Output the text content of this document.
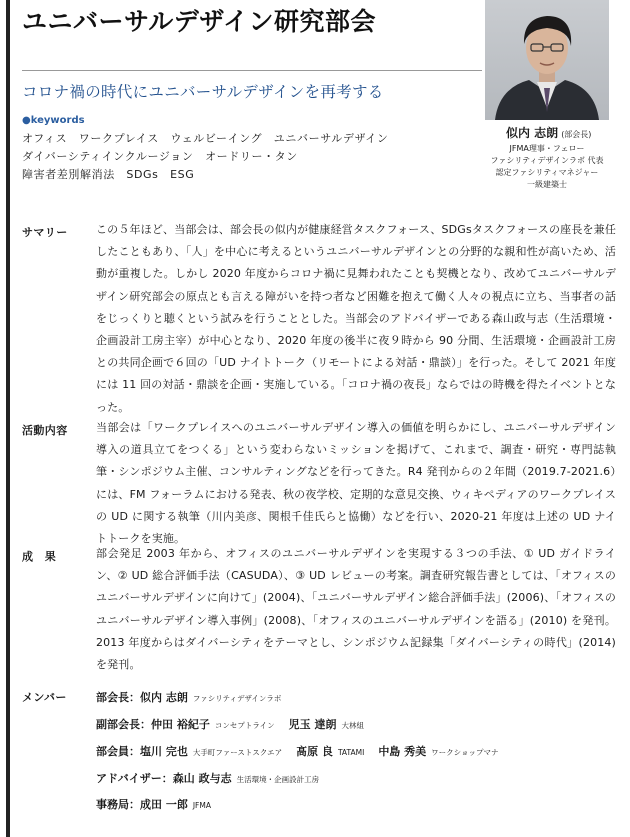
ユニバーサルデザイン研究部会
コロナ禍の時代にユニバーサルデザインを再考する
●keywords
オフィス　ワークプレイス　ウェルビーイング　ユニバーサルデザイン
ダイバーシティインクルージョン　オードリー・タン
障害者差別解消法　SDGs　ESG
似内 志朗 (部会長)
JFMA理事・フェロー
ファシリティデザインラボ 代表
認定ファシリティマネジャー
一級建築士
サマリー	この５年ほど、当部会は、部会長の似内が健康経営タスクフォース、SDGsタスクフォースの座長を兼任したこともあり、「人」を中心に考えるというユニバーサルデザインとの分野的な親和性が高いため、活動が重複した。しかし 2020 年度からコロナ禍に見舞われたことも契機となり、改めてユニバーサルデザイン研究部会の原点とも言える障がいを持つ者など困難を抱えて働く人々の視点に立ち、当事者の話をじっくりと聴くという試みを行うこととした。当部会のアドバイザーである森山政与志（生活環境・企画設計工房主宰）が中心となり、2020 年度の後半に夜９時から 90 分間、生活環境・企画設計工房との共同企画で６回の「UD ナイトトーク（リモートによる対話・鼎談）」を行った。そして 2021 年度には 11 回の対話・鼎談を企画・実施している。「コロナ禍の夜長」ならではの時機を得たイベントとなった。
活動内容	当部会は「ワークプレイスへのユニバーサルデザイン導入の価値を明らかにし、ユニバーサルデザイン導入の道具立てをつくる」という変わらないミッションを掲げて、これまで、調査・研究・専門誌執筆・シンポジウム主催、コンサルティングなどを行ってきた。R4 発刊からの２年間（2019.7-2021.6）には、FM フォーラムにおける発表、秋の夜学校、定期的な意見交換、ウィキペディアのワークプレイスの UD に関する執筆（川内美彦、関根千佳氏らと協働）などを行い、2020-21 年度は上述の UD ナイトトークを実施。
成　果	部会発足 2003 年から、オフィスのユニバーサルデザインを実現する３つの手法、① UD ガイドライン、② UD 総合評価手法（CASUDA）、③ UD レビューの考案。調査研究報告書としては、「オフィスのユニバーサルデザインに向けて」(2004)、「ユニバーサルデザイン総合評価手法」(2006)、「オフィスのユニバーサルデザイン導入事例」(2008)、「オフィスのユニバーサルデザインを語る」(2010) を発刊。2013 年度からはダイバーシティをテーマとし、シンポジウム記録集「ダイバーシティの時代」(2014) を発刊。
メンバー	部会長：似内 志朗 ファシリティデザインラボ
副部会長：仲田 裕紀子 コンセプトライン 児玉 達朗 大林組
部会員：塩川 完也 大手町ファーストスクエア 髙原 良 TATAMI 中島 秀美 ワークショップマナ
アドバイザー：森山 政与志 生活環境・企画設計工房
事務局：成田 一郎 JFMA
